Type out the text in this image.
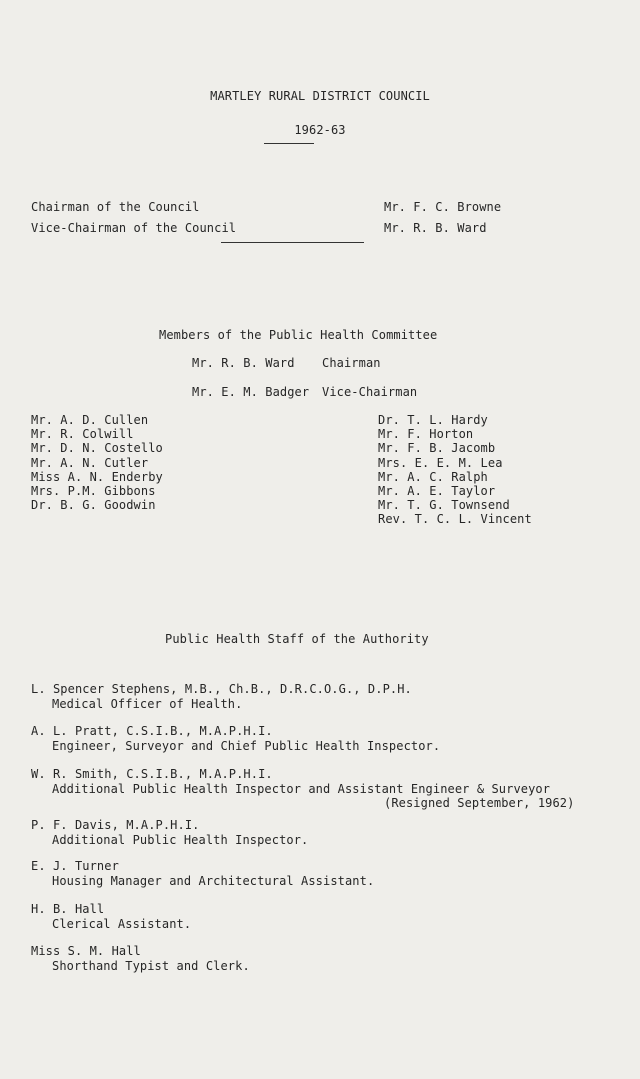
MARTLEY RURAL DISTRICT COUNCIL
1962-63
Chairman of the Council	Mr. F. C. Browne
Vice-Chairman of the Council	Mr. R. B. Ward
Members of the Public Health Committee
Mr. R. B. Ward Chairman
Mr. E. M. Badger Vice-Chairman
Mr. A. D. Cullen
Mr. R. Colwill
Mr. D. N. Costello
Mr. A. N. Cutler
Miss A. N. Enderby
Mrs. P.M. Gibbons
Dr. B. G. Goodwin
Dr. T. L. Hardy
Mr. F. Horton
Mr. F. B. Jacomb
Mrs. E. E. M. Lea
Mr. A. C. Ralph
Mr. A. E. Taylor
Mr. T. G. Townsend
Rev. T. C. L. Vincent
Public Health Staff of the Authority
L. Spencer Stephens, M.B., Ch.B., D.R.C.O.G., D.P.H.
Medical Officer of Health.
A. L. Pratt, C.S.I.B., M.A.P.H.I.
Engineer, Surveyor and Chief Public Health Inspector.
W. R. Smith, C.S.I.B., M.A.P.H.I.
Additional Public Health Inspector and Assistant Engineer & Surveyor
(Resigned September, 1962)
P. F. Davis, M.A.P.H.I.
Additional Public Health Inspector.
E. J. Turner
Housing Manager and Architectural Assistant.
H. B. Hall
Clerical Assistant.
Miss S. M. Hall
Shorthand Typist and Clerk.
